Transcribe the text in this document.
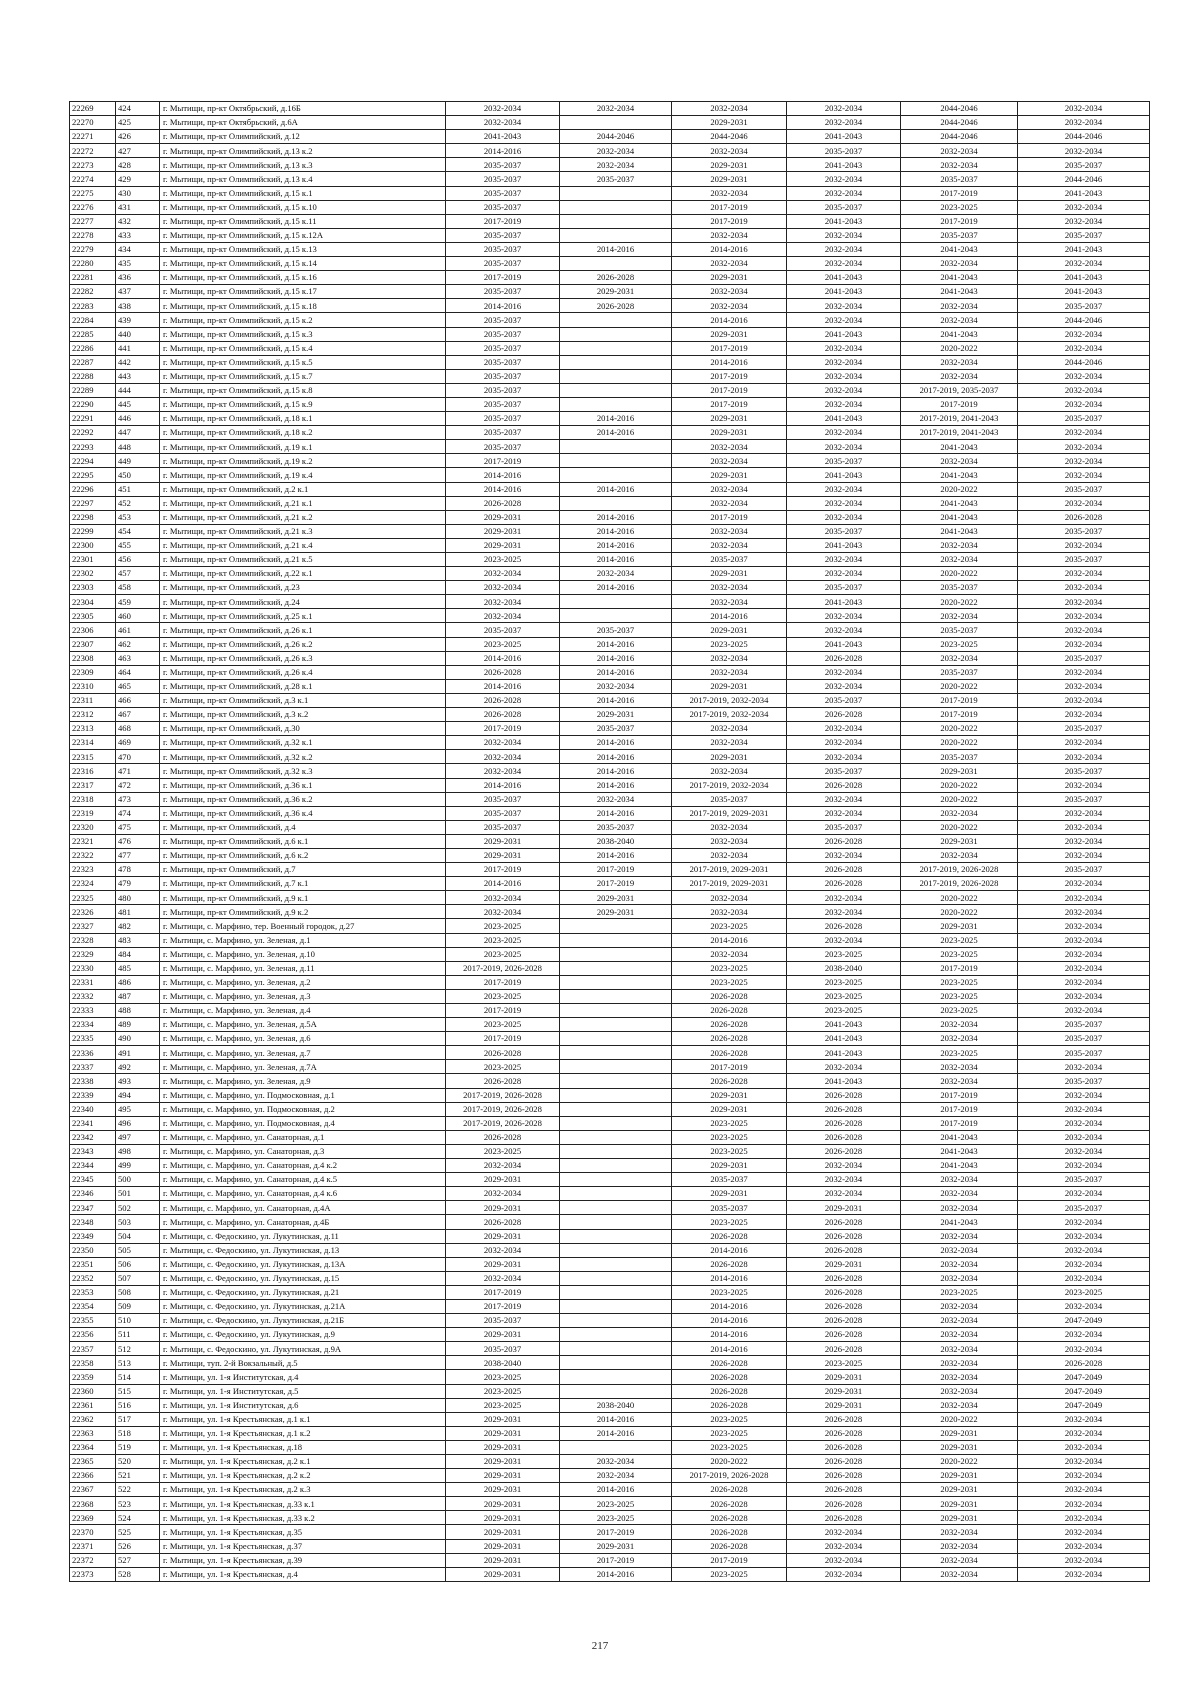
22269	424	г. Мытищи, пр-кт Октябрьский, д.16Б	2032-2034	2032-2034	2032-2034	2032-2034	2044-2046	2032-2034
22270	425	г. Мытищи, пр-кт Октябрьский, д.6А	2032-2034		2029-2031	2032-2034	2044-2046	2032-2034
22271	426	г. Мытищи, пр-кт Олимпийский, д.12	2041-2043	2044-2046	2044-2046	2041-2043	2044-2046	2044-2046
22272	427	г. Мытищи, пр-кт Олимпийский, д.13 к.2	2014-2016	2032-2034	2032-2034	2035-2037	2032-2034	2032-2034
22273	428	г. Мытищи, пр-кт Олимпийский, д.13 к.3	2035-2037	2032-2034	2029-2031	2041-2043	2032-2034	2035-2037
22274	429	г. Мытищи, пр-кт Олимпийский, д.13 к.4	2035-2037	2035-2037	2029-2031	2032-2034	2035-2037	2044-2046
22275	430	г. Мытищи, пр-кт Олимпийский, д.15 к.1	2035-2037		2032-2034	2032-2034	2017-2019	2041-2043
22276	431	г. Мытищи, пр-кт Олимпийский, д.15 к.10	2035-2037		2017-2019	2035-2037	2023-2025	2032-2034
22277	432	г. Мытищи, пр-кт Олимпийский, д.15 к.11	2017-2019		2017-2019	2041-2043	2017-2019	2032-2034
22278	433	г. Мытищи, пр-кт Олимпийский, д.15 к.12А	2035-2037		2032-2034	2032-2034	2035-2037	2035-2037
22279	434	г. Мытищи, пр-кт Олимпийский, д.15 к.13	2035-2037	2014-2016	2014-2016	2032-2034	2041-2043	2041-2043
22280	435	г. Мытищи, пр-кт Олимпийский, д.15 к.14	2035-2037		2032-2034	2032-2034	2032-2034	2032-2034
22281	436	г. Мытищи, пр-кт Олимпийский, д.15 к.16	2017-2019	2026-2028	2029-2031	2041-2043	2041-2043	2041-2043
22282	437	г. Мытищи, пр-кт Олимпийский, д.15 к.17	2035-2037	2029-2031	2032-2034	2041-2043	2041-2043	2041-2043
22283	438	г. Мытищи, пр-кт Олимпийский, д.15 к.18	2014-2016	2026-2028	2032-2034	2032-2034	2032-2034	2035-2037
22284	439	г. Мытищи, пр-кт Олимпийский, д.15 к.2	2035-2037		2014-2016	2032-2034	2032-2034	2044-2046
22285	440	г. Мытищи, пр-кт Олимпийский, д.15 к.3	2035-2037		2029-2031	2041-2043	2041-2043	2032-2034
22286	441	г. Мытищи, пр-кт Олимпийский, д.15 к.4	2035-2037		2017-2019	2032-2034	2020-2022	2032-2034
22287	442	г. Мытищи, пр-кт Олимпийский, д.15 к.5	2035-2037		2014-2016	2032-2034	2032-2034	2044-2046
22288	443	г. Мытищи, пр-кт Олимпийский, д.15 к.7	2035-2037		2017-2019	2032-2034	2032-2034	2032-2034
22289	444	г. Мытищи, пр-кт Олимпийский, д.15 к.8	2035-2037		2017-2019	2032-2034	2017-2019, 2035-2037	2032-2034
22290	445	г. Мытищи, пр-кт Олимпийский, д.15 к.9	2035-2037		2017-2019	2032-2034	2017-2019	2032-2034
22291	446	г. Мытищи, пр-кт Олимпийский, д.18 к.1	2035-2037	2014-2016	2029-2031	2041-2043	2017-2019, 2041-2043	2035-2037
22292	447	г. Мытищи, пр-кт Олимпийский, д.18 к.2	2035-2037	2014-2016	2029-2031	2032-2034	2017-2019, 2041-2043	2032-2034
22293	448	г. Мытищи, пр-кт Олимпийский, д.19 к.1	2035-2037		2032-2034	2032-2034	2041-2043	2032-2034
22294	449	г. Мытищи, пр-кт Олимпийский, д.19 к.2	2017-2019		2032-2034	2035-2037	2032-2034	2032-2034
22295	450	г. Мытищи, пр-кт Олимпийский, д.19 к.4	2014-2016		2029-2031	2041-2043	2041-2043	2032-2034
22296	451	г. Мытищи, пр-кт Олимпийский, д.2 к.1	2014-2016	2014-2016	2032-2034	2032-2034	2020-2022	2035-2037
22297	452	г. Мытищи, пр-кт Олимпийский, д.21 к.1	2026-2028		2032-2034	2032-2034	2041-2043	2032-2034
22298	453	г. Мытищи, пр-кт Олимпийский, д.21 к.2	2029-2031	2014-2016	2017-2019	2032-2034	2041-2043	2026-2028
22299	454	г. Мытищи, пр-кт Олимпийский, д.21 к.3	2029-2031	2014-2016	2032-2034	2035-2037	2041-2043	2035-2037
22300	455	г. Мытищи, пр-кт Олимпийский, д.21 к.4	2029-2031	2014-2016	2032-2034	2041-2043	2032-2034	2032-2034
22301	456	г. Мытищи, пр-кт Олимпийский, д.21 к.5	2023-2025	2014-2016	2035-2037	2032-2034	2032-2034	2035-2037
22302	457	г. Мытищи, пр-кт Олимпийский, д.22 к.1	2032-2034	2032-2034	2029-2031	2032-2034	2020-2022	2032-2034
22303	458	г. Мытищи, пр-кт Олимпийский, д.23	2032-2034	2014-2016	2032-2034	2035-2037	2035-2037	2032-2034
22304	459	г. Мытищи, пр-кт Олимпийский, д.24	2032-2034		2032-2034	2041-2043	2020-2022	2032-2034
22305	460	г. Мытищи, пр-кт Олимпийский, д.25 к.1	2032-2034		2014-2016	2032-2034	2032-2034	2032-2034
22306	461	г. Мытищи, пр-кт Олимпийский, д.26 к.1	2035-2037	2035-2037	2029-2031	2032-2034	2035-2037	2032-2034
22307	462	г. Мытищи, пр-кт Олимпийский, д.26 к.2	2023-2025	2014-2016	2023-2025	2041-2043	2023-2025	2032-2034
22308	463	г. Мытищи, пр-кт Олимпийский, д.26 к.3	2014-2016	2014-2016	2032-2034	2026-2028	2032-2034	2035-2037
22309	464	г. Мытищи, пр-кт Олимпийский, д.26 к.4	2026-2028	2014-2016	2032-2034	2032-2034	2035-2037	2032-2034
22310	465	г. Мытищи, пр-кт Олимпийский, д.28 к.1	2014-2016	2032-2034	2029-2031	2032-2034	2020-2022	2032-2034
22311	466	г. Мытищи, пр-кт Олимпийский, д.3 к.1	2026-2028	2014-2016	2017-2019, 2032-2034	2035-2037	2017-2019	2032-2034
22312	467	г. Мытищи, пр-кт Олимпийский, д.3 к.2	2026-2028	2029-2031	2017-2019, 2032-2034	2026-2028	2017-2019	2032-2034
22313	468	г. Мытищи, пр-кт Олимпийский, д.30	2017-2019	2035-2037	2032-2034	2032-2034	2020-2022	2035-2037
22314	469	г. Мытищи, пр-кт Олимпийский, д.32 к.1	2032-2034	2014-2016	2032-2034	2032-2034	2020-2022	2032-2034
22315	470	г. Мытищи, пр-кт Олимпийский, д.32 к.2	2032-2034	2014-2016	2029-2031	2032-2034	2035-2037	2032-2034
22316	471	г. Мытищи, пр-кт Олимпийский, д.32 к.3	2032-2034	2014-2016	2032-2034	2035-2037	2029-2031	2035-2037
22317	472	г. Мытищи, пр-кт Олимпийский, д.36 к.1	2014-2016	2014-2016	2017-2019, 2032-2034	2026-2028	2020-2022	2032-2034
22318	473	г. Мытищи, пр-кт Олимпийский, д.36 к.2	2035-2037	2032-2034	2035-2037	2032-2034	2020-2022	2035-2037
22319	474	г. Мытищи, пр-кт Олимпийский, д.36 к.4	2035-2037	2014-2016	2017-2019, 2029-2031	2032-2034	2032-2034	2032-2034
22320	475	г. Мытищи, пр-кт Олимпийский, д.4	2035-2037	2035-2037	2032-2034	2035-2037	2020-2022	2032-2034
22321	476	г. Мытищи, пр-кт Олимпийский, д.6 к.1	2029-2031	2038-2040	2032-2034	2026-2028	2029-2031	2032-2034
22322	477	г. Мытищи, пр-кт Олимпийский, д.6 к.2	2029-2031	2014-2016	2032-2034	2032-2034	2032-2034	2032-2034
22323	478	г. Мытищи, пр-кт Олимпийский, д.7	2017-2019	2017-2019	2017-2019, 2029-2031	2026-2028	2017-2019, 2026-2028	2035-2037
22324	479	г. Мытищи, пр-кт Олимпийский, д.7 к.1	2014-2016	2017-2019	2017-2019, 2029-2031	2026-2028	2017-2019, 2026-2028	2032-2034
22325	480	г. Мытищи, пр-кт Олимпийский, д.9 к.1	2032-2034	2029-2031	2032-2034	2032-2034	2020-2022	2032-2034
22326	481	г. Мытищи, пр-кт Олимпийский, д.9 к.2	2032-2034	2029-2031	2032-2034	2032-2034	2020-2022	2032-2034
22327	482	г. Мытищи, с. Марфино, тер. Военный городок, д.27	2023-2025		2023-2025	2026-2028	2029-2031	2032-2034
22328	483	г. Мытищи, с. Марфино, ул. Зеленая, д.1	2023-2025		2014-2016	2032-2034	2023-2025	2032-2034
22329	484	г. Мытищи, с. Марфино, ул. Зеленая, д.10	2023-2025		2032-2034	2023-2025	2023-2025	2032-2034
22330	485	г. Мытищи, с. Марфино, ул. Зеленая, д.11	2017-2019, 2026-2028		2023-2025	2038-2040	2017-2019	2032-2034
22331	486	г. Мытищи, с. Марфино, ул. Зеленая, д.2	2017-2019		2023-2025	2023-2025	2023-2025	2032-2034
22332	487	г. Мытищи, с. Марфино, ул. Зеленая, д.3	2023-2025		2026-2028	2023-2025	2023-2025	2032-2034
22333	488	г. Мытищи, с. Марфино, ул. Зеленая, д.4	2017-2019		2026-2028	2023-2025	2023-2025	2032-2034
22334	489	г. Мытищи, с. Марфино, ул. Зеленая, д.5А	2023-2025		2026-2028	2041-2043	2032-2034	2035-2037
22335	490	г. Мытищи, с. Марфино, ул. Зеленая, д.6	2017-2019		2026-2028	2041-2043	2032-2034	2035-2037
22336	491	г. Мытищи, с. Марфино, ул. Зеленая, д.7	2026-2028		2026-2028	2041-2043	2023-2025	2035-2037
22337	492	г. Мытищи, с. Марфино, ул. Зеленая, д.7А	2023-2025		2017-2019	2032-2034	2032-2034	2032-2034
22338	493	г. Мытищи, с. Марфино, ул. Зеленая, д.9	2026-2028		2026-2028	2041-2043	2032-2034	2035-2037
22339	494	г. Мытищи, с. Марфино, ул. Подмосковная, д.1	2017-2019, 2026-2028		2029-2031	2026-2028	2017-2019	2032-2034
22340	495	г. Мытищи, с. Марфино, ул. Подмосковная, д.2	2017-2019, 2026-2028		2029-2031	2026-2028	2017-2019	2032-2034
22341	496	г. Мытищи, с. Марфино, ул. Подмосковная, д.4	2017-2019, 2026-2028		2023-2025	2026-2028	2017-2019	2032-2034
22342	497	г. Мытищи, с. Марфино, ул. Санаторная, д.1	2026-2028		2023-2025	2026-2028	2041-2043	2032-2034
22343	498	г. Мытищи, с. Марфино, ул. Санаторная, д.3	2023-2025		2023-2025	2026-2028	2041-2043	2032-2034
22344	499	г. Мытищи, с. Марфино, ул. Санаторная, д.4 к.2	2032-2034		2029-2031	2032-2034	2041-2043	2032-2034
22345	500	г. Мытищи, с. Марфино, ул. Санаторная, д.4 к.5	2029-2031		2035-2037	2032-2034	2032-2034	2035-2037
22346	501	г. Мытищи, с. Марфино, ул. Санаторная, д.4 к.6	2032-2034		2029-2031	2032-2034	2032-2034	2032-2034
22347	502	г. Мытищи, с. Марфино, ул. Санаторная, д.4А	2029-2031		2035-2037	2029-2031	2032-2034	2035-2037
22348	503	г. Мытищи, с. Марфино, ул. Санаторная, д.4Б	2026-2028		2023-2025	2026-2028	2041-2043	2032-2034
22349	504	г. Мытищи, с. Федоскино, ул. Лукутинская, д.11	2029-2031		2026-2028	2026-2028	2032-2034	2032-2034
22350	505	г. Мытищи, с. Федоскино, ул. Лукутинская, д.13	2032-2034		2014-2016	2026-2028	2032-2034	2032-2034
22351	506	г. Мытищи, с. Федоскино, ул. Лукутинская, д.13А	2029-2031		2026-2028	2029-2031	2032-2034	2032-2034
22352	507	г. Мытищи, с. Федоскино, ул. Лукутинская, д.15	2032-2034		2014-2016	2026-2028	2032-2034	2032-2034
22353	508	г. Мытищи, с. Федоскино, ул. Лукутинская, д.21	2017-2019		2023-2025	2026-2028	2023-2025	2023-2025
22354	509	г. Мытищи, с. Федоскино, ул. Лукутинская, д.21А	2017-2019		2014-2016	2026-2028	2032-2034	2032-2034
22355	510	г. Мытищи, с. Федоскино, ул. Лукутинская, д.21Б	2035-2037		2014-2016	2026-2028	2032-2034	2047-2049
22356	511	г. Мытищи, с. Федоскино, ул. Лукутинская, д.9	2029-2031		2014-2016	2026-2028	2032-2034	2032-2034
22357	512	г. Мытищи, с. Федоскино, ул. Лукутинская, д.9А	2035-2037		2014-2016	2026-2028	2032-2034	2032-2034
22358	513	г. Мытищи, туп. 2-й Вокзальный, д.5	2038-2040		2026-2028	2023-2025	2032-2034	2026-2028
22359	514	г. Мытищи, ул. 1-я Институтская, д.4	2023-2025		2026-2028	2029-2031	2032-2034	2047-2049
22360	515	г. Мытищи, ул. 1-я Институтская, д.5	2023-2025		2026-2028	2029-2031	2032-2034	2047-2049
22361	516	г. Мытищи, ул. 1-я Институтская, д.6	2023-2025	2038-2040	2026-2028	2029-2031	2032-2034	2047-2049
22362	517	г. Мытищи, ул. 1-я Крестьянская, д.1 к.1	2029-2031	2014-2016	2023-2025	2026-2028	2020-2022	2032-2034
22363	518	г. Мытищи, ул. 1-я Крестьянская, д.1 к.2	2029-2031	2014-2016	2023-2025	2026-2028	2029-2031	2032-2034
22364	519	г. Мытищи, ул. 1-я Крестьянская, д.18	2029-2031		2023-2025	2026-2028	2029-2031	2032-2034
22365	520	г. Мытищи, ул. 1-я Крестьянская, д.2 к.1	2029-2031	2032-2034	2020-2022	2026-2028	2020-2022	2032-2034
22366	521	г. Мытищи, ул. 1-я Крестьянская, д.2 к.2	2029-2031	2032-2034	2017-2019, 2026-2028	2026-2028	2029-2031	2032-2034
22367	522	г. Мытищи, ул. 1-я Крестьянская, д.2 к.3	2029-2031	2014-2016	2026-2028	2026-2028	2029-2031	2032-2034
22368	523	г. Мытищи, ул. 1-я Крестьянская, д.33 к.1	2029-2031	2023-2025	2026-2028	2026-2028	2029-2031	2032-2034
22369	524	г. Мытищи, ул. 1-я Крестьянская, д.33 к.2	2029-2031	2023-2025	2026-2028	2026-2028	2029-2031	2032-2034
22370	525	г. Мытищи, ул. 1-я Крестьянская, д.35	2029-2031	2017-2019	2026-2028	2032-2034	2032-2034	2032-2034
22371	526	г. Мытищи, ул. 1-я Крестьянская, д.37	2029-2031	2029-2031	2026-2028	2032-2034	2032-2034	2032-2034
22372	527	г. Мытищи, ул. 1-я Крестьянская, д.39	2029-2031	2017-2019	2017-2019	2032-2034	2032-2034	2032-2034
22373	528	г. Мытищи, ул. 1-я Крестьянская, д.4	2029-2031	2014-2016	2023-2025	2032-2034	2032-2034	2032-2034
217
